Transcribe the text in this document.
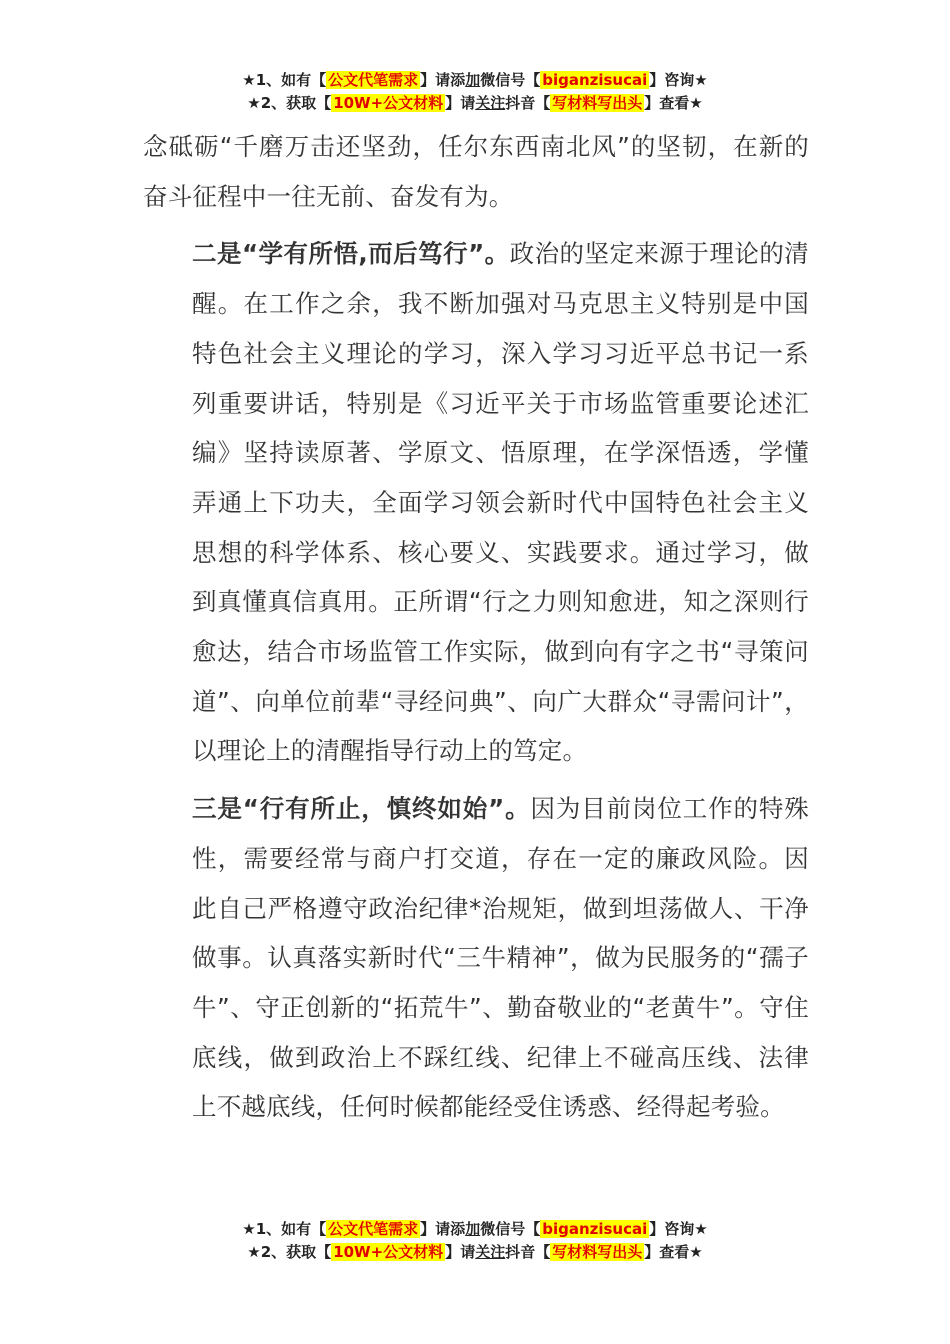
★1、如有【 公文代笔需求 】请添加微信号【 biganzisucai 】咨询★
★2、获取【 10W+公文材料 】请关注抖音【 写材料写出头 】查看★

念砥砺“千磨万击还坚劲，任尔东西南北风”的坚韧，在新的奋斗征程中一往无前、奋发有为。

二是“学有所悟,而后笃行”。政治的坚定来源于理论的清醒。在工作之余，我不断加强对马克思主义特别是中国特色社会主义理论的学习，深入学习习近平总书记一系列重要讲话，特别是《习近平关于市场监管重要论述汇编》坚持读原著、学原文、悟原理，在学深悟透，学懂弄通上下功夫，全面学习领会新时代中国特色社会主义思想的科学体系、核心要义、实践要求。通过学习，做到真懂真信真用。正所谓“行之力则知愈进，知之深则行愈达，结合市场监管工作实际，做到向有字之书“寻策问道”、向单位前辈“寻经问典”、向广大群众“寻需问计”，以理论上的清醒指导行动上的笃定。

三是“行有所止，慎终如始”。因为目前岗位工作的特殊性，需要经常与商户打交道，存在一定的廉政风险。因此自己严格遵守政治纪律*治规矩，做到坦荡做人、干净做事。认真落实新时代“三牛精神”，做为民服务的“孺子牛”、守正创新的“拓荒牛”、勤奋敬业的“老黄牛”。守住底线，做到政治上不踩红线、纪律上不碰高压线、法律上不越底线，任何时候都能经受住诱惑、经得起考验。

★1、如有【 公文代笔需求 】请添加微信号【 biganzisucai 】咨询★
★2、获取【 10W+公文材料 】请关注抖音【 写材料写出头 】查看★
